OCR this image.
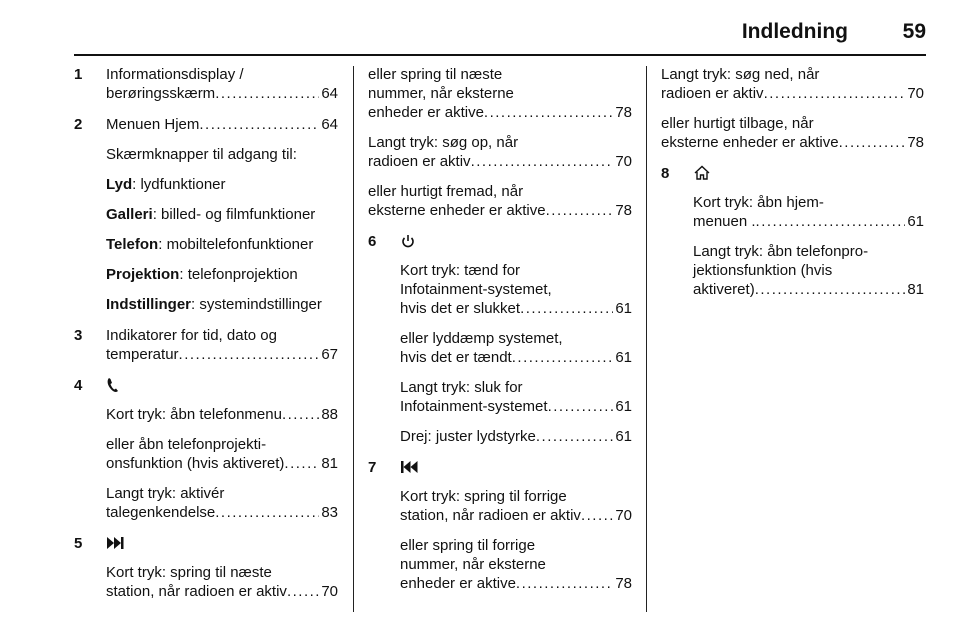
Indledning	59
1 Informationsdisplay /
berøringsskærm .....	64
2 Menuen Hjem .....	64
Skærmknapper til adgang til:
Lyd: lydfunktioner
Galleri: billed- og filmfunktioner
Telefon: mobiltelefonfunktioner
Projektion: telefonprojektion
Indstillinger: systemindstillinger
3 Indikatorer for tid, dato og
temperatur .....	67
4
Kort tryk: åbn telefonmenu .....	88
eller åbn telefonprojekti-
onsfunktion (hvis aktiveret) ..... 81
Langt tryk: aktivér
talegenkendelse .....	83
5
Kort tryk: spring til næste
station, når radioen er aktiv ..... 70
eller spring til næste
nummer, når eksterne
enheder er aktive .....	78
Langt tryk: søg op, når
radioen er aktiv .....	70
eller hurtigt fremad, når
eksterne enheder er aktive .....	78
6
Kort tryk: tænd for
Infotainment-systemet,
hvis det er slukket .....	61
eller lyddæmp systemet,
hvis det er tændt .....	61
Langt tryk: sluk for
Infotainment-systemet .....	61
Drej: juster lydstyrke .....	61
7
Kort tryk: spring til forrige
station, når radioen er aktiv ..... 70
eller spring til forrige
nummer, når eksterne
enheder er aktive .....	78
Langt tryk: søg ned, når
radioen er aktiv .....	70
eller hurtigt tilbage, når
eksterne enheder er aktive .....	78
8
Kort tryk: åbn hjem-
menuen . .....	61
Langt tryk: åbn telefonpro-
jektionsfunktion (hvis
aktiveret) .....	81
